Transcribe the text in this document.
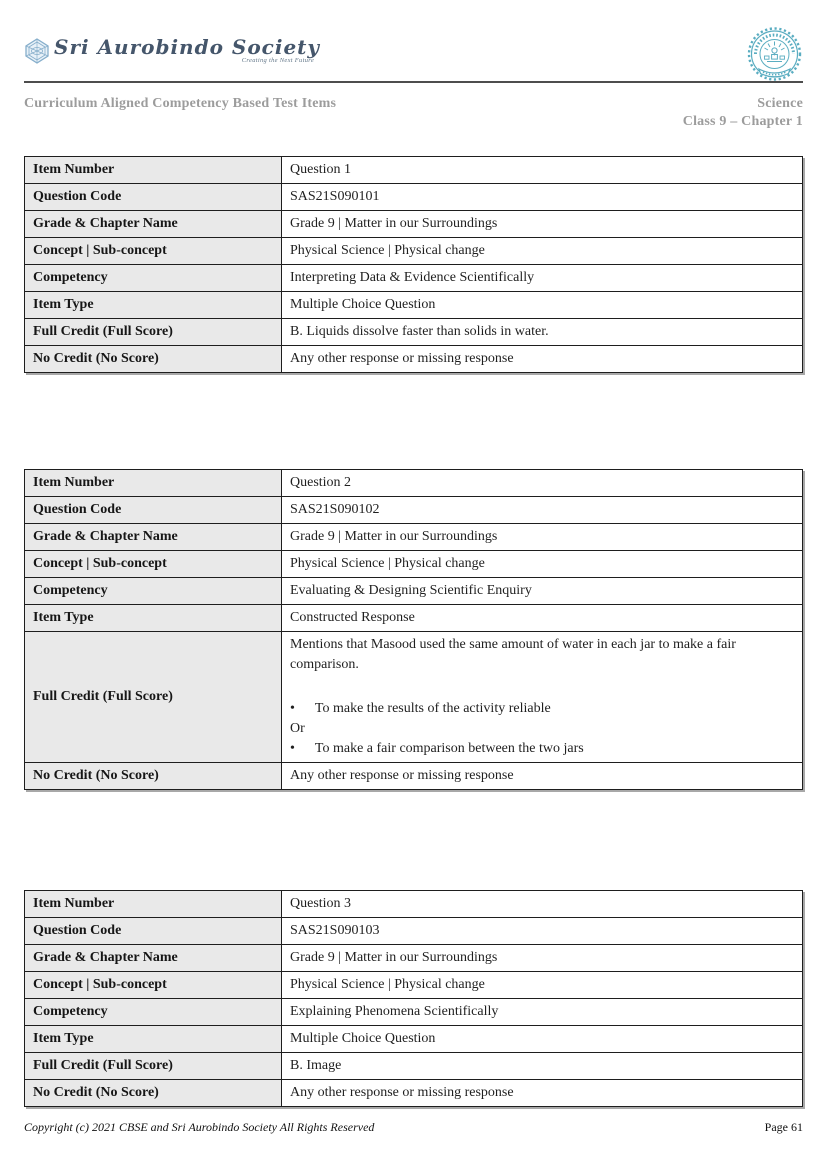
Sri Aurobindo Society
Creating the Next Future
Curriculum Aligned Competency Based Test Items	Science
Class 9 – Chapter 1
Item Number	Question 1
Question Code	SAS21S090101
Grade & Chapter Name	Grade 9 | Matter in our Surroundings
Concept | Sub-concept	Physical Science | Physical change
Competency	Interpreting Data & Evidence Scientifically
Item Type	Multiple Choice Question
Full Credit (Full Score)	B. Liquids dissolve faster than solids in water.
No Credit (No Score)	Any other response or missing response
Item Number	Question 2
Question Code	SAS21S090102
Grade & Chapter Name	Grade 9 | Matter in our Surroundings
Concept | Sub-concept	Physical Science | Physical change
Competency	Evaluating & Designing Scientific Enquiry
Item Type	Constructed Response
Full Credit (Full Score)	Mentions that Masood used the same amount of water in each jar to make a fair comparison.

• To make the results of the activity reliable
Or
• To make a fair comparison between the two jars

No Credit (No Score)	Any other response or missing response
Item Number	Question 3
Question Code	SAS21S090103
Grade & Chapter Name	Grade 9 | Matter in our Surroundings
Concept | Sub-concept	Physical Science | Physical change
Competency	Explaining Phenomena Scientifically
Item Type	Multiple Choice Question
Full Credit (Full Score)	B. Image
No Credit (No Score)	Any other response or missing response
Copyright (c) 2021 CBSE and Sri Aurobindo Society All Rights Reserved	Page 61
